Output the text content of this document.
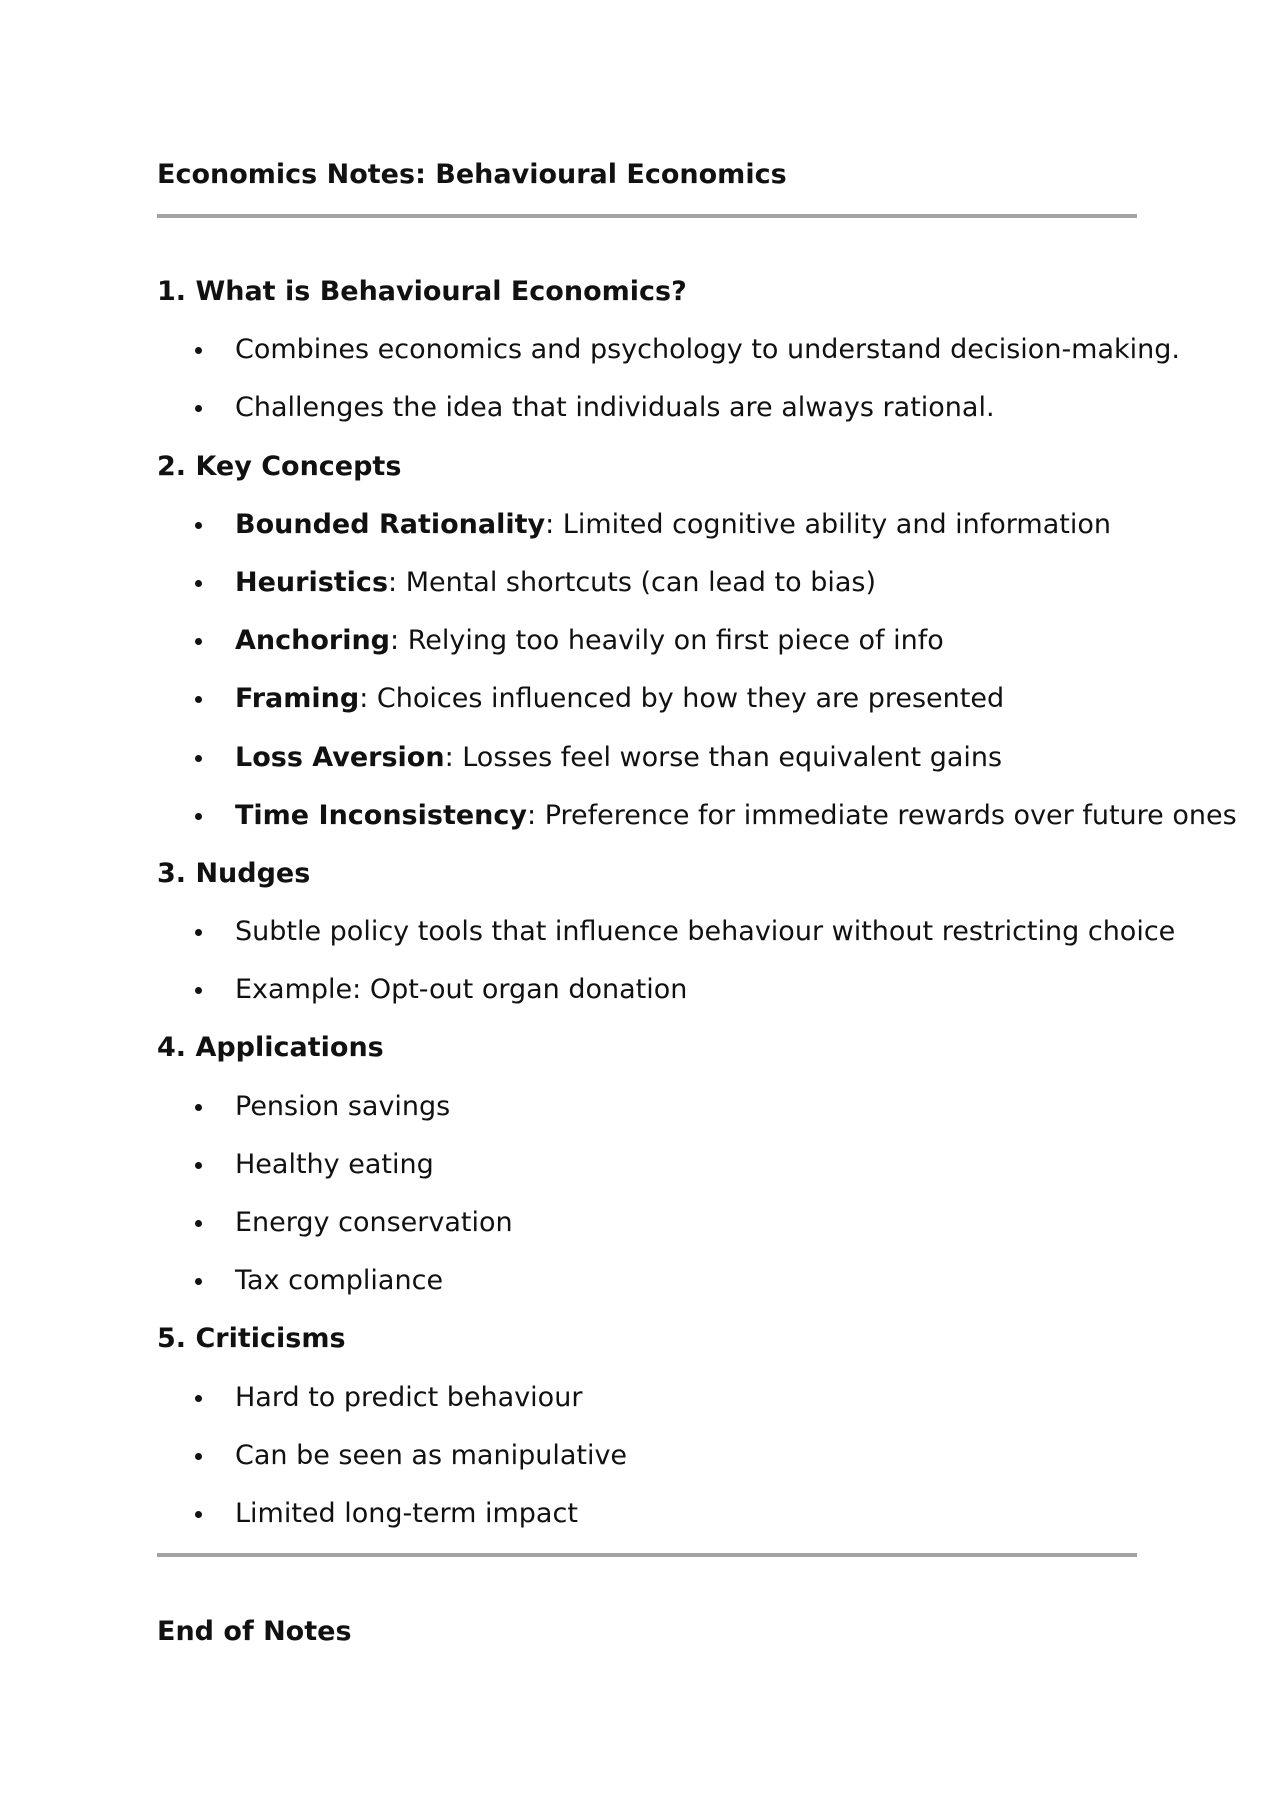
Economics Notes: Behavioural Economics
1. What is Behavioural Economics?
Combines economics and psychology to understand decision-making.
Challenges the idea that individuals are always rational.
2. Key Concepts
Bounded Rationality: Limited cognitive ability and information
Heuristics: Mental shortcuts (can lead to bias)
Anchoring: Relying too heavily on first piece of info
Framing: Choices influenced by how they are presented
Loss Aversion: Losses feel worse than equivalent gains
Time Inconsistency: Preference for immediate rewards over future ones
3. Nudges
Subtle policy tools that influence behaviour without restricting choice
Example: Opt-out organ donation
4. Applications
Pension savings
Healthy eating
Energy conservation
Tax compliance
5. Criticisms
Hard to predict behaviour
Can be seen as manipulative
Limited long-term impact
End of Notes
